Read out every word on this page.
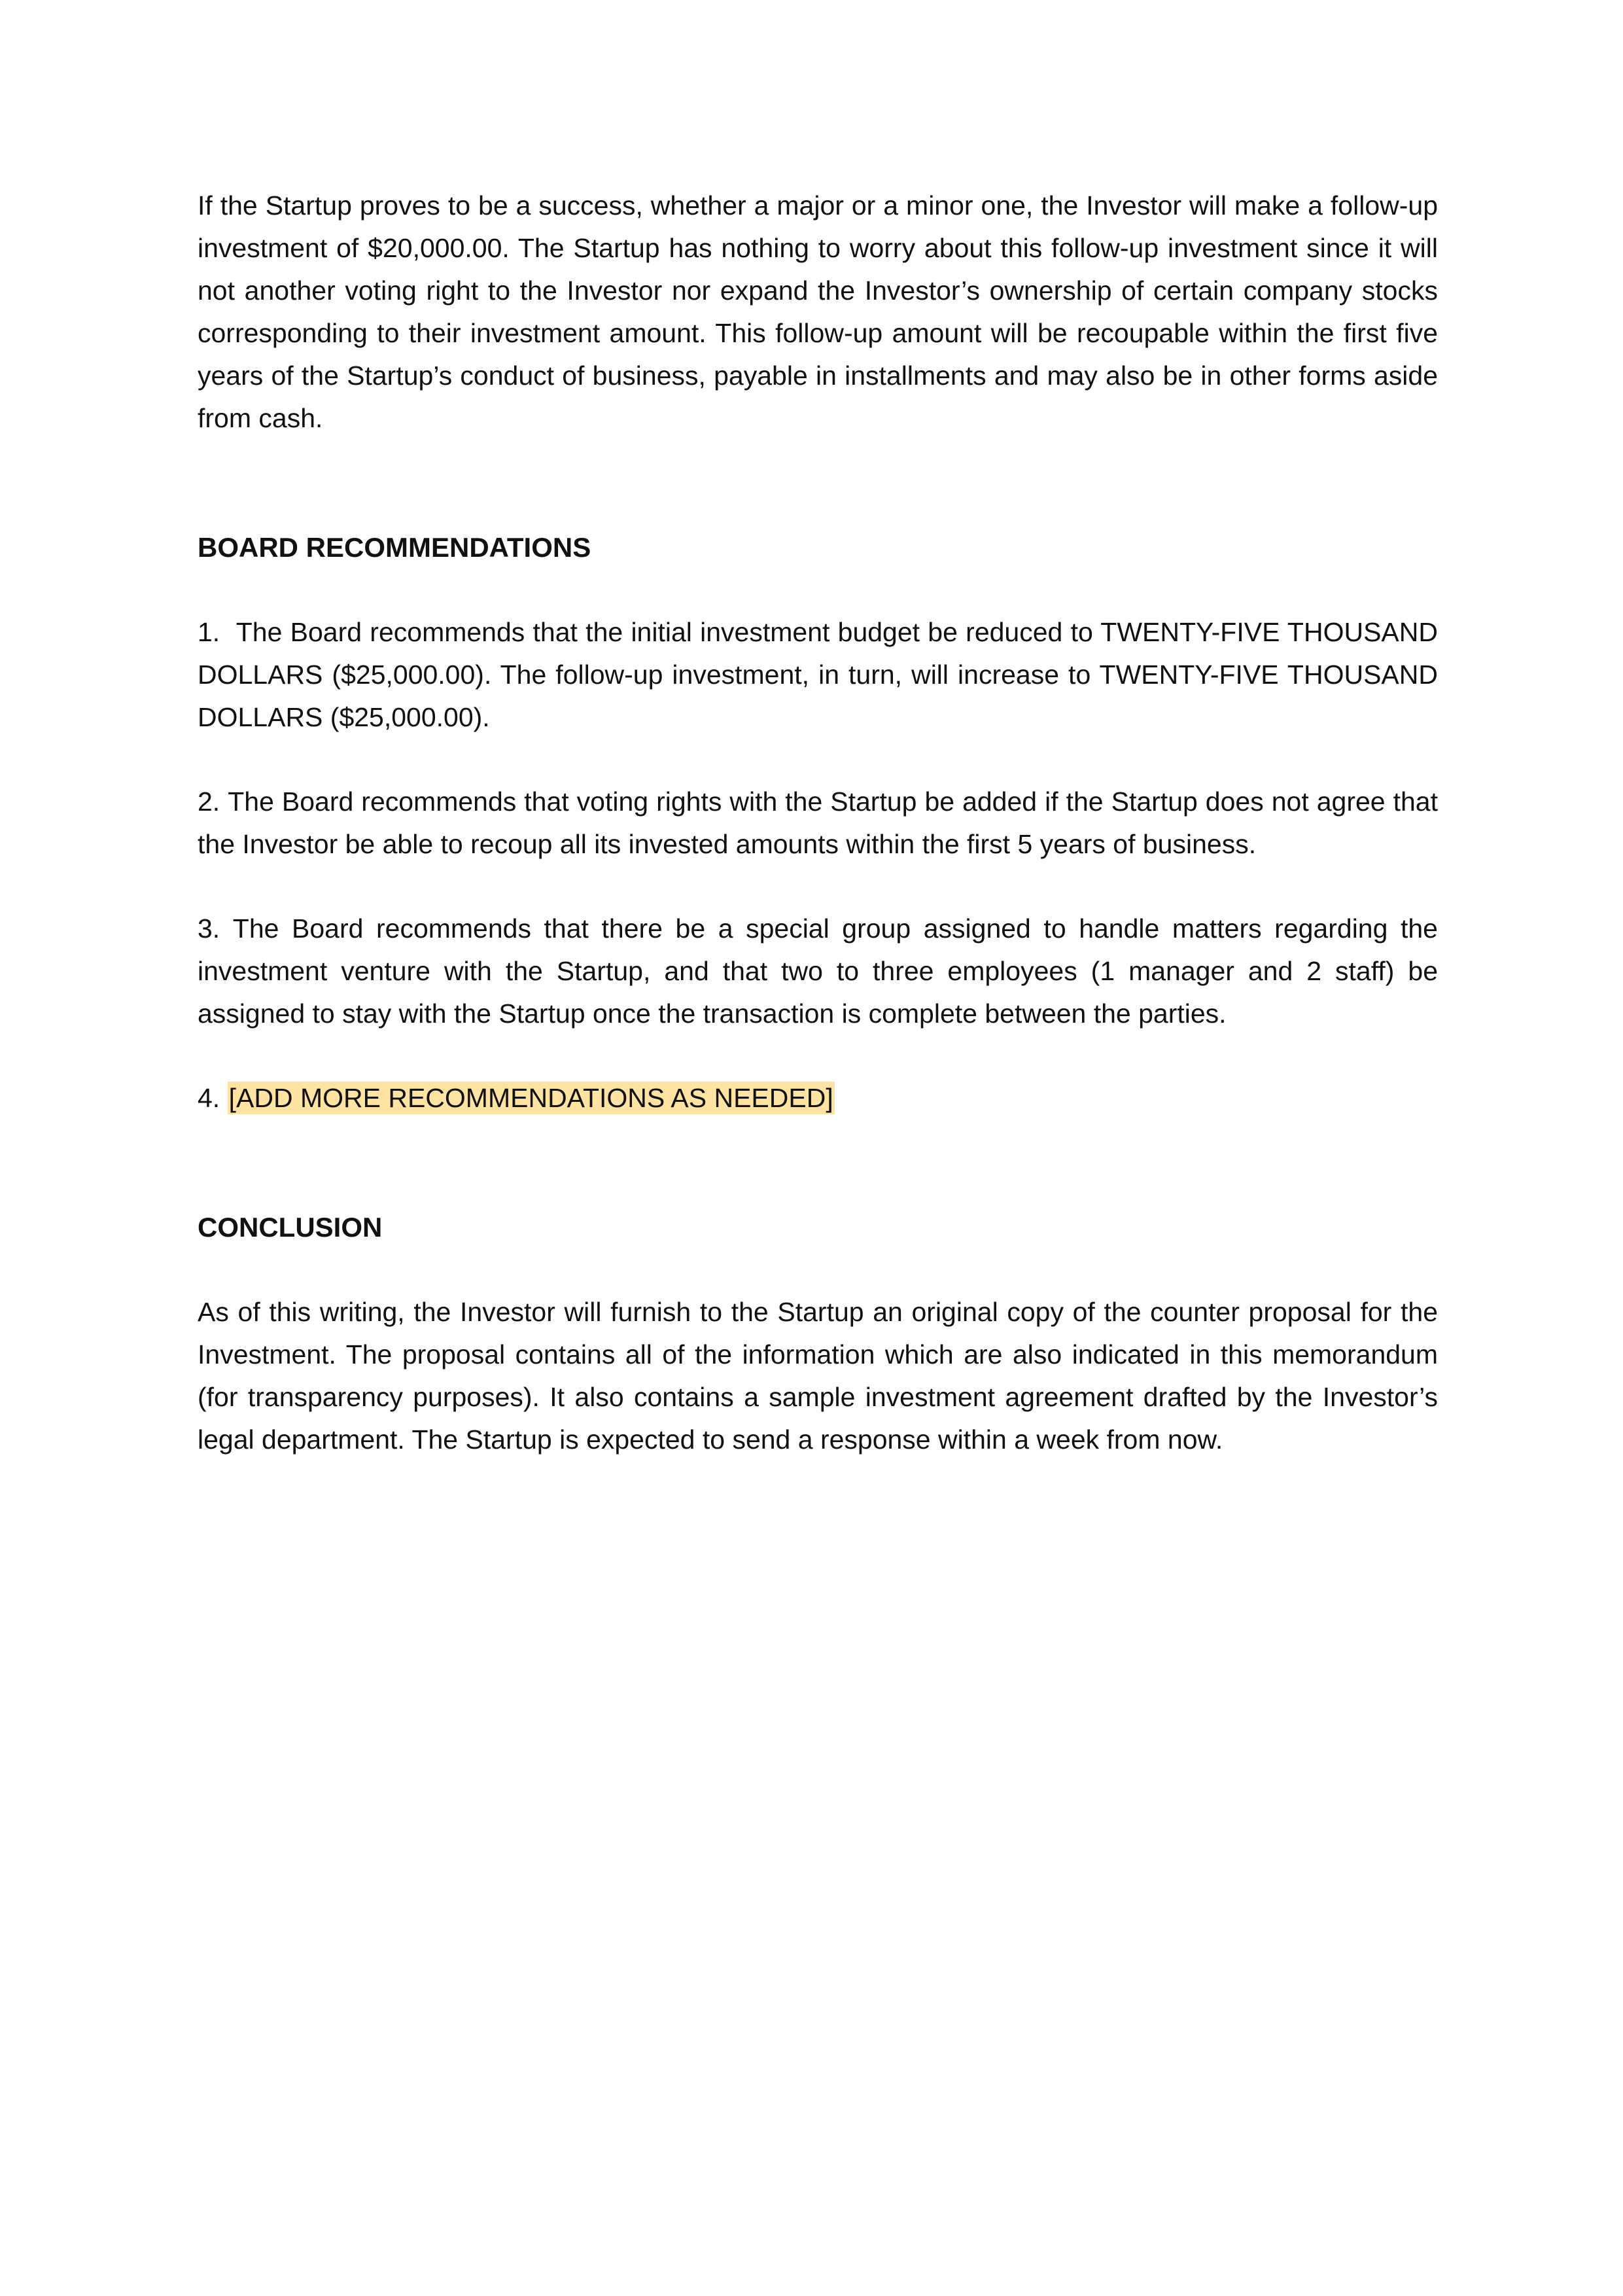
If the Startup proves to be a success, whether a major or a minor one, the Investor will make a follow-up investment of $20,000.00. The Startup has nothing to worry about this follow-up investment since it will not another voting right to the Investor nor expand the Investor’s ownership of certain company stocks corresponding to their investment amount. This follow-up amount will be recoupable within the first five years of the Startup’s conduct of business, payable in installments and may also be in other forms aside from cash.

BOARD RECOMMENDATIONS

1. The Board recommends that the initial investment budget be reduced to TWENTY-FIVE THOUSAND DOLLARS ($25,000.00). The follow-up investment, in turn, will increase to TWENTY-FIVE THOUSAND DOLLARS ($25,000.00).

2. The Board recommends that voting rights with the Startup be added if the Startup does not agree that the Investor be able to recoup all its invested amounts within the first 5 years of business.

3. The Board recommends that there be a special group assigned to handle matters regarding the investment venture with the Startup, and that two to three employees (1 manager and 2 staff) be assigned to stay with the Startup once the transaction is complete between the parties.

4. [ADD MORE RECOMMENDATIONS AS NEEDED]

CONCLUSION

As of this writing, the Investor will furnish to the Startup an original copy of the counter proposal for the Investment. The proposal contains all of the information which are also indicated in this memorandum (for transparency purposes). It also contains a sample investment agreement drafted by the Investor’s legal department. The Startup is expected to send a response within a week from now.
